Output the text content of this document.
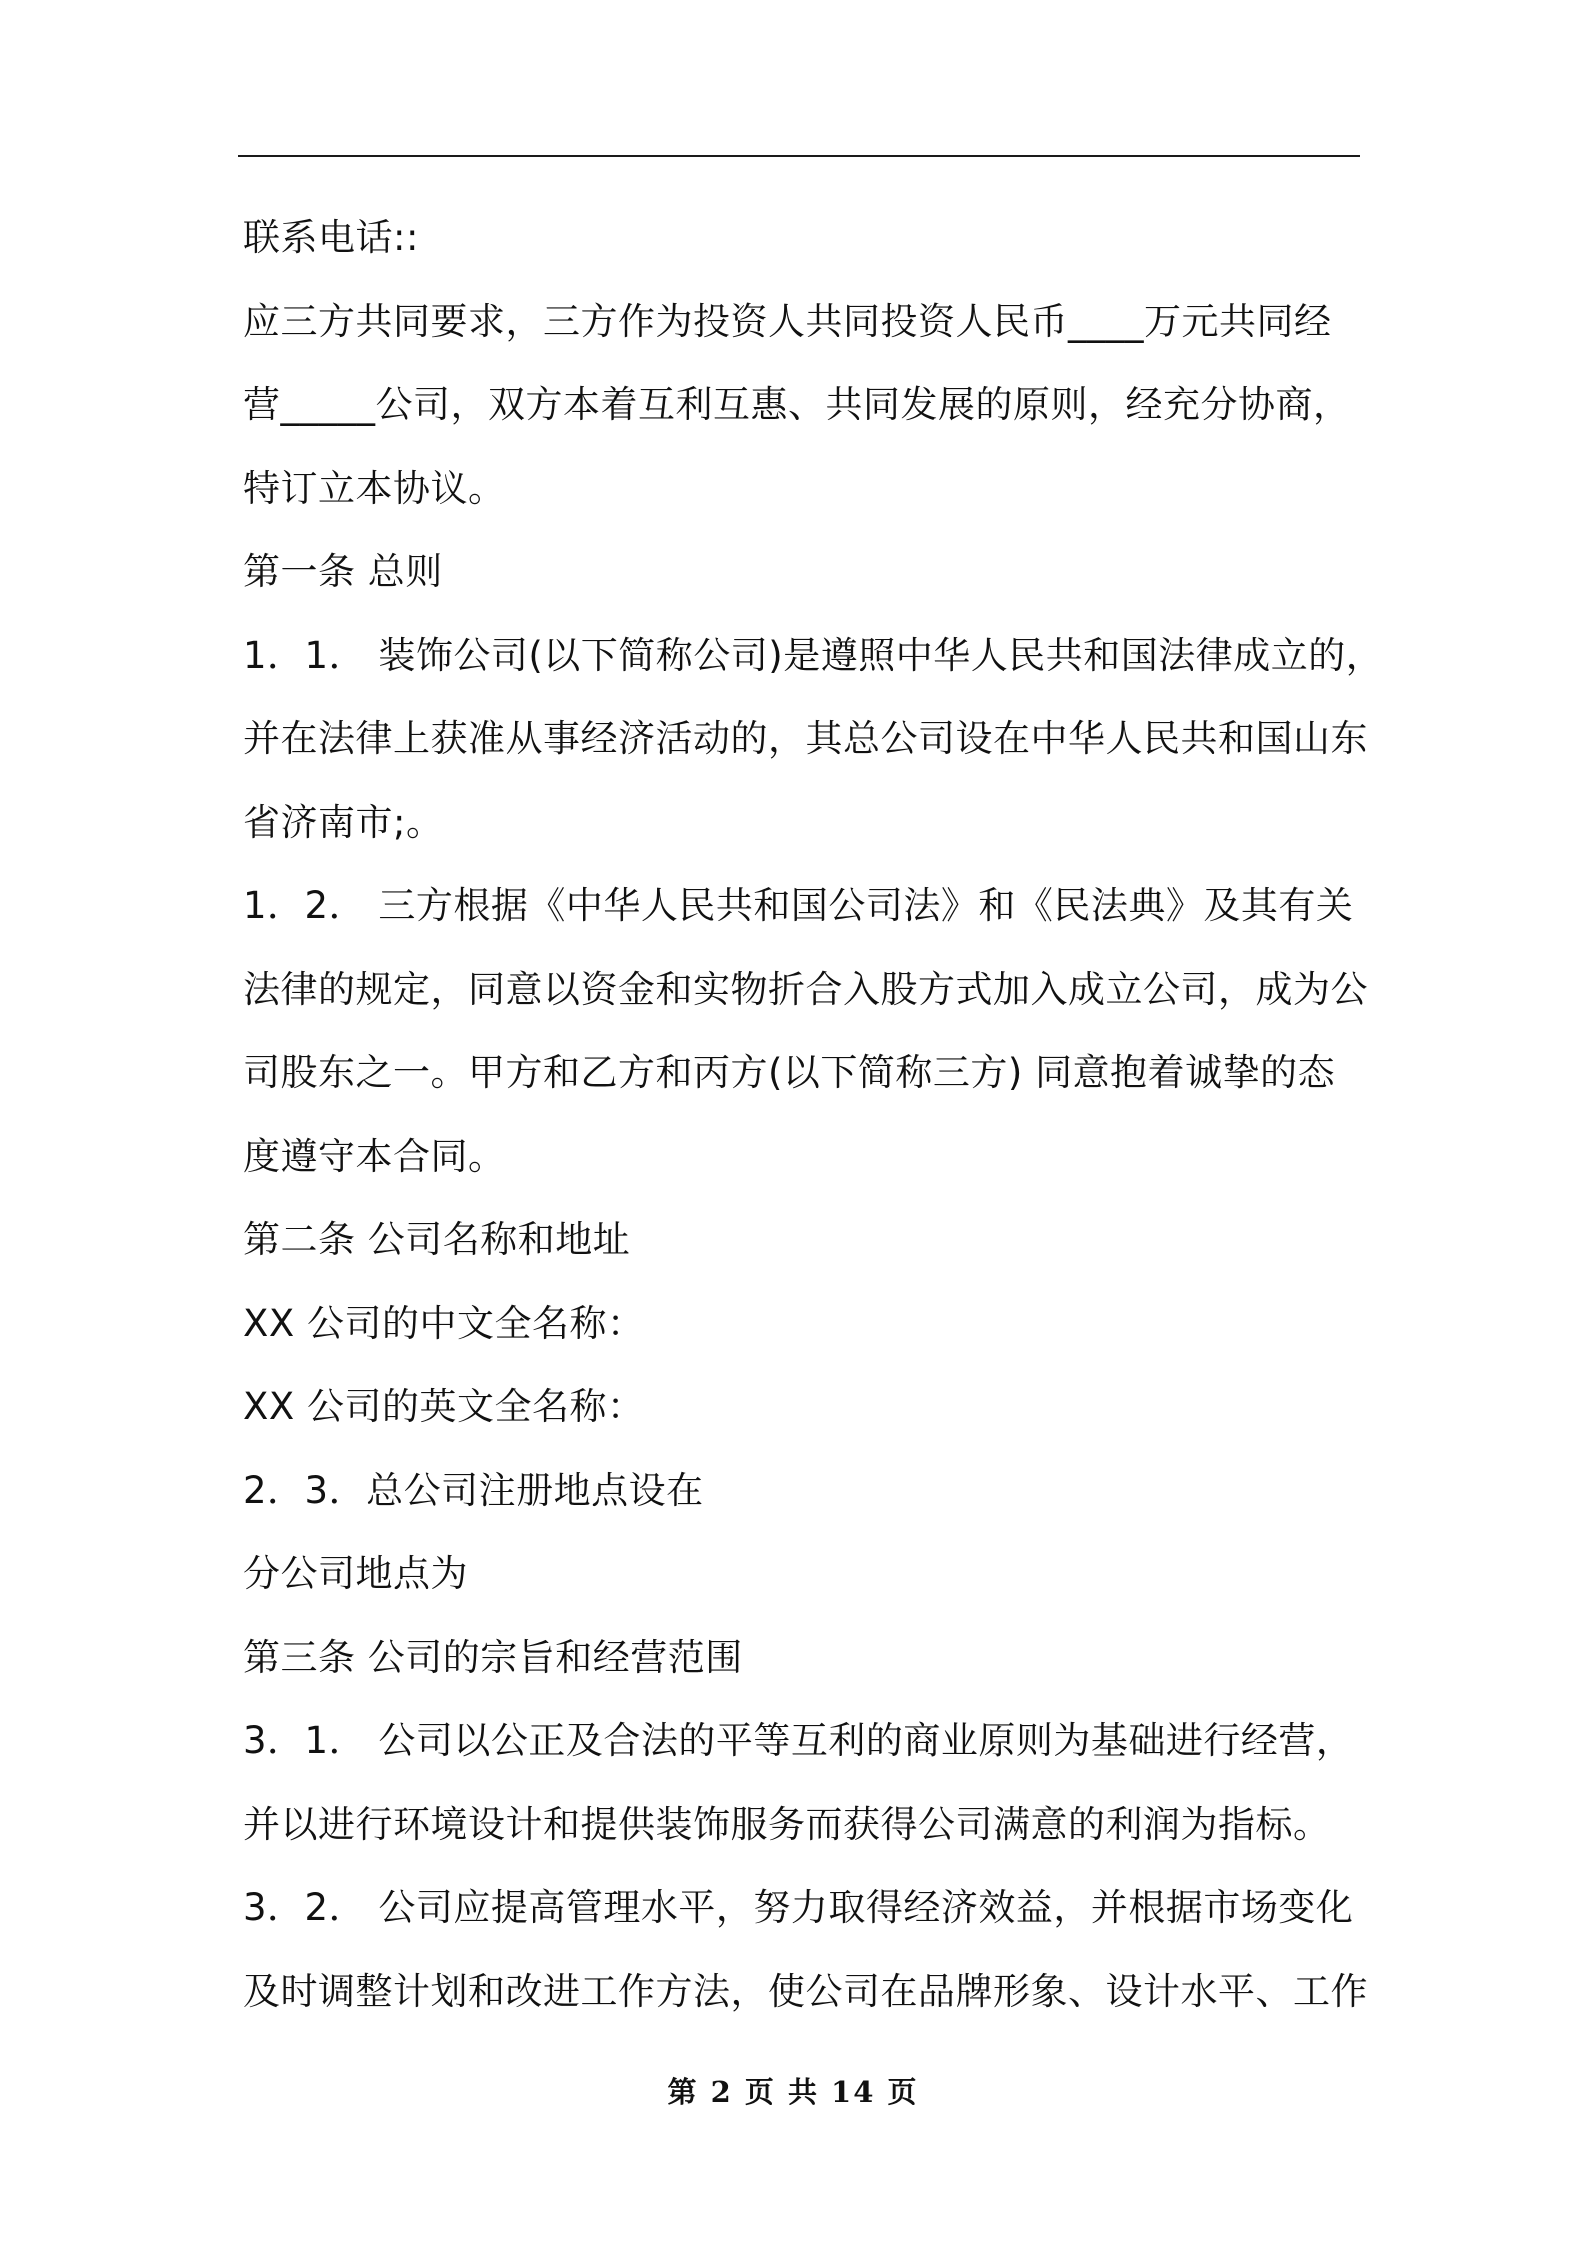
联系电话::
应三方共同要求，三方作为投资人共同投资人民币____万元共同经
营_____公司，双方本着互利互惠、共同发展的原则，经充分协商，
特订立本协议。
第一条 总则
1．1． 装饰公司(以下简称公司)是遵照中华人民共和国法律成立的，
并在法律上获准从事经济活动的，其总公司设在中华人民共和国山东
省济南市;。
1．2． 三方根据《中华人民共和国公司法》和《民法典》及其有关
法律的规定，同意以资金和实物折合入股方式加入成立公司，成为公
司股东之一。甲方和乙方和丙方(以下简称三方) 同意抱着诚挚的态
度遵守本合同。
第二条 公司名称和地址
XX 公司的中文全名称：
XX 公司的英文全名称：
2．3．总公司注册地点设在
分公司地点为
第三条 公司的宗旨和经营范围
3．1． 公司以公正及合法的平等互利的商业原则为基础进行经营，
并以进行环境设计和提供装饰服务而获得公司满意的利润为指标。
3．2． 公司应提高管理水平，努力取得经济效益，并根据市场变化
及时调整计划和改进工作方法，使公司在品牌形象、设计水平、工作
第 2 页 共 14 页
